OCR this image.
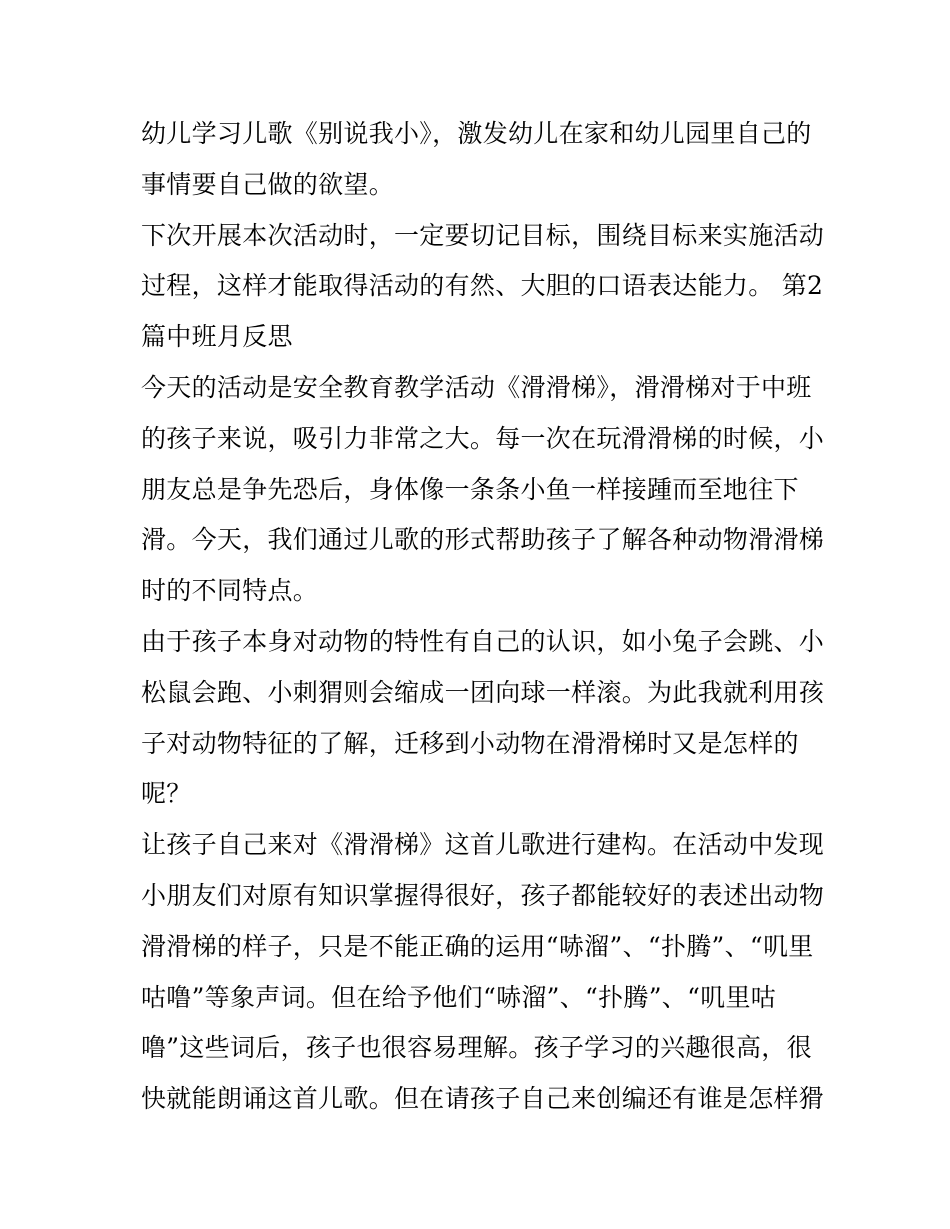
幼儿学习儿歌《别说我小》，激发幼儿在家和幼儿园里自己的
事情要自己做的欲望。
下次开展本次活动时，一定要切记目标，围绕目标来实施活动
过程，这样才能取得活动的有然、大胆的口语表达能力。 第2
篇中班月反思
今天的活动是安全教育教学活动《滑滑梯》，滑滑梯对于中班
的孩子来说，吸引力非常之大。每一次在玩滑滑梯的时候，小
朋友总是争先恐后，身体像一条条小鱼一样接踵而至地往下
滑。今天，我们通过儿歌的形式帮助孩子了解各种动物滑滑梯
时的不同特点。
由于孩子本身对动物的特性有自己的认识，如小兔子会跳、小
松鼠会跑、小刺猬则会缩成一团向球一样滚。为此我就利用孩
子对动物特征的了解，迁移到小动物在滑滑梯时又是怎样的
呢？
让孩子自己来对《滑滑梯》这首儿歌进行建构。在活动中发现
小朋友们对原有知识掌握得很好，孩子都能较好的表述出动物
滑滑梯的样子，只是不能正确的运用“哧溜”、“扑腾”、“叽里
咕噜”等象声词。但在给予他们“哧溜”、“扑腾”、“叽里咕
噜”这些词后，孩子也很容易理解。孩子学习的兴趣很高，很
快就能朗诵这首儿歌。但在请孩子自己来创编还有谁是怎样猾
